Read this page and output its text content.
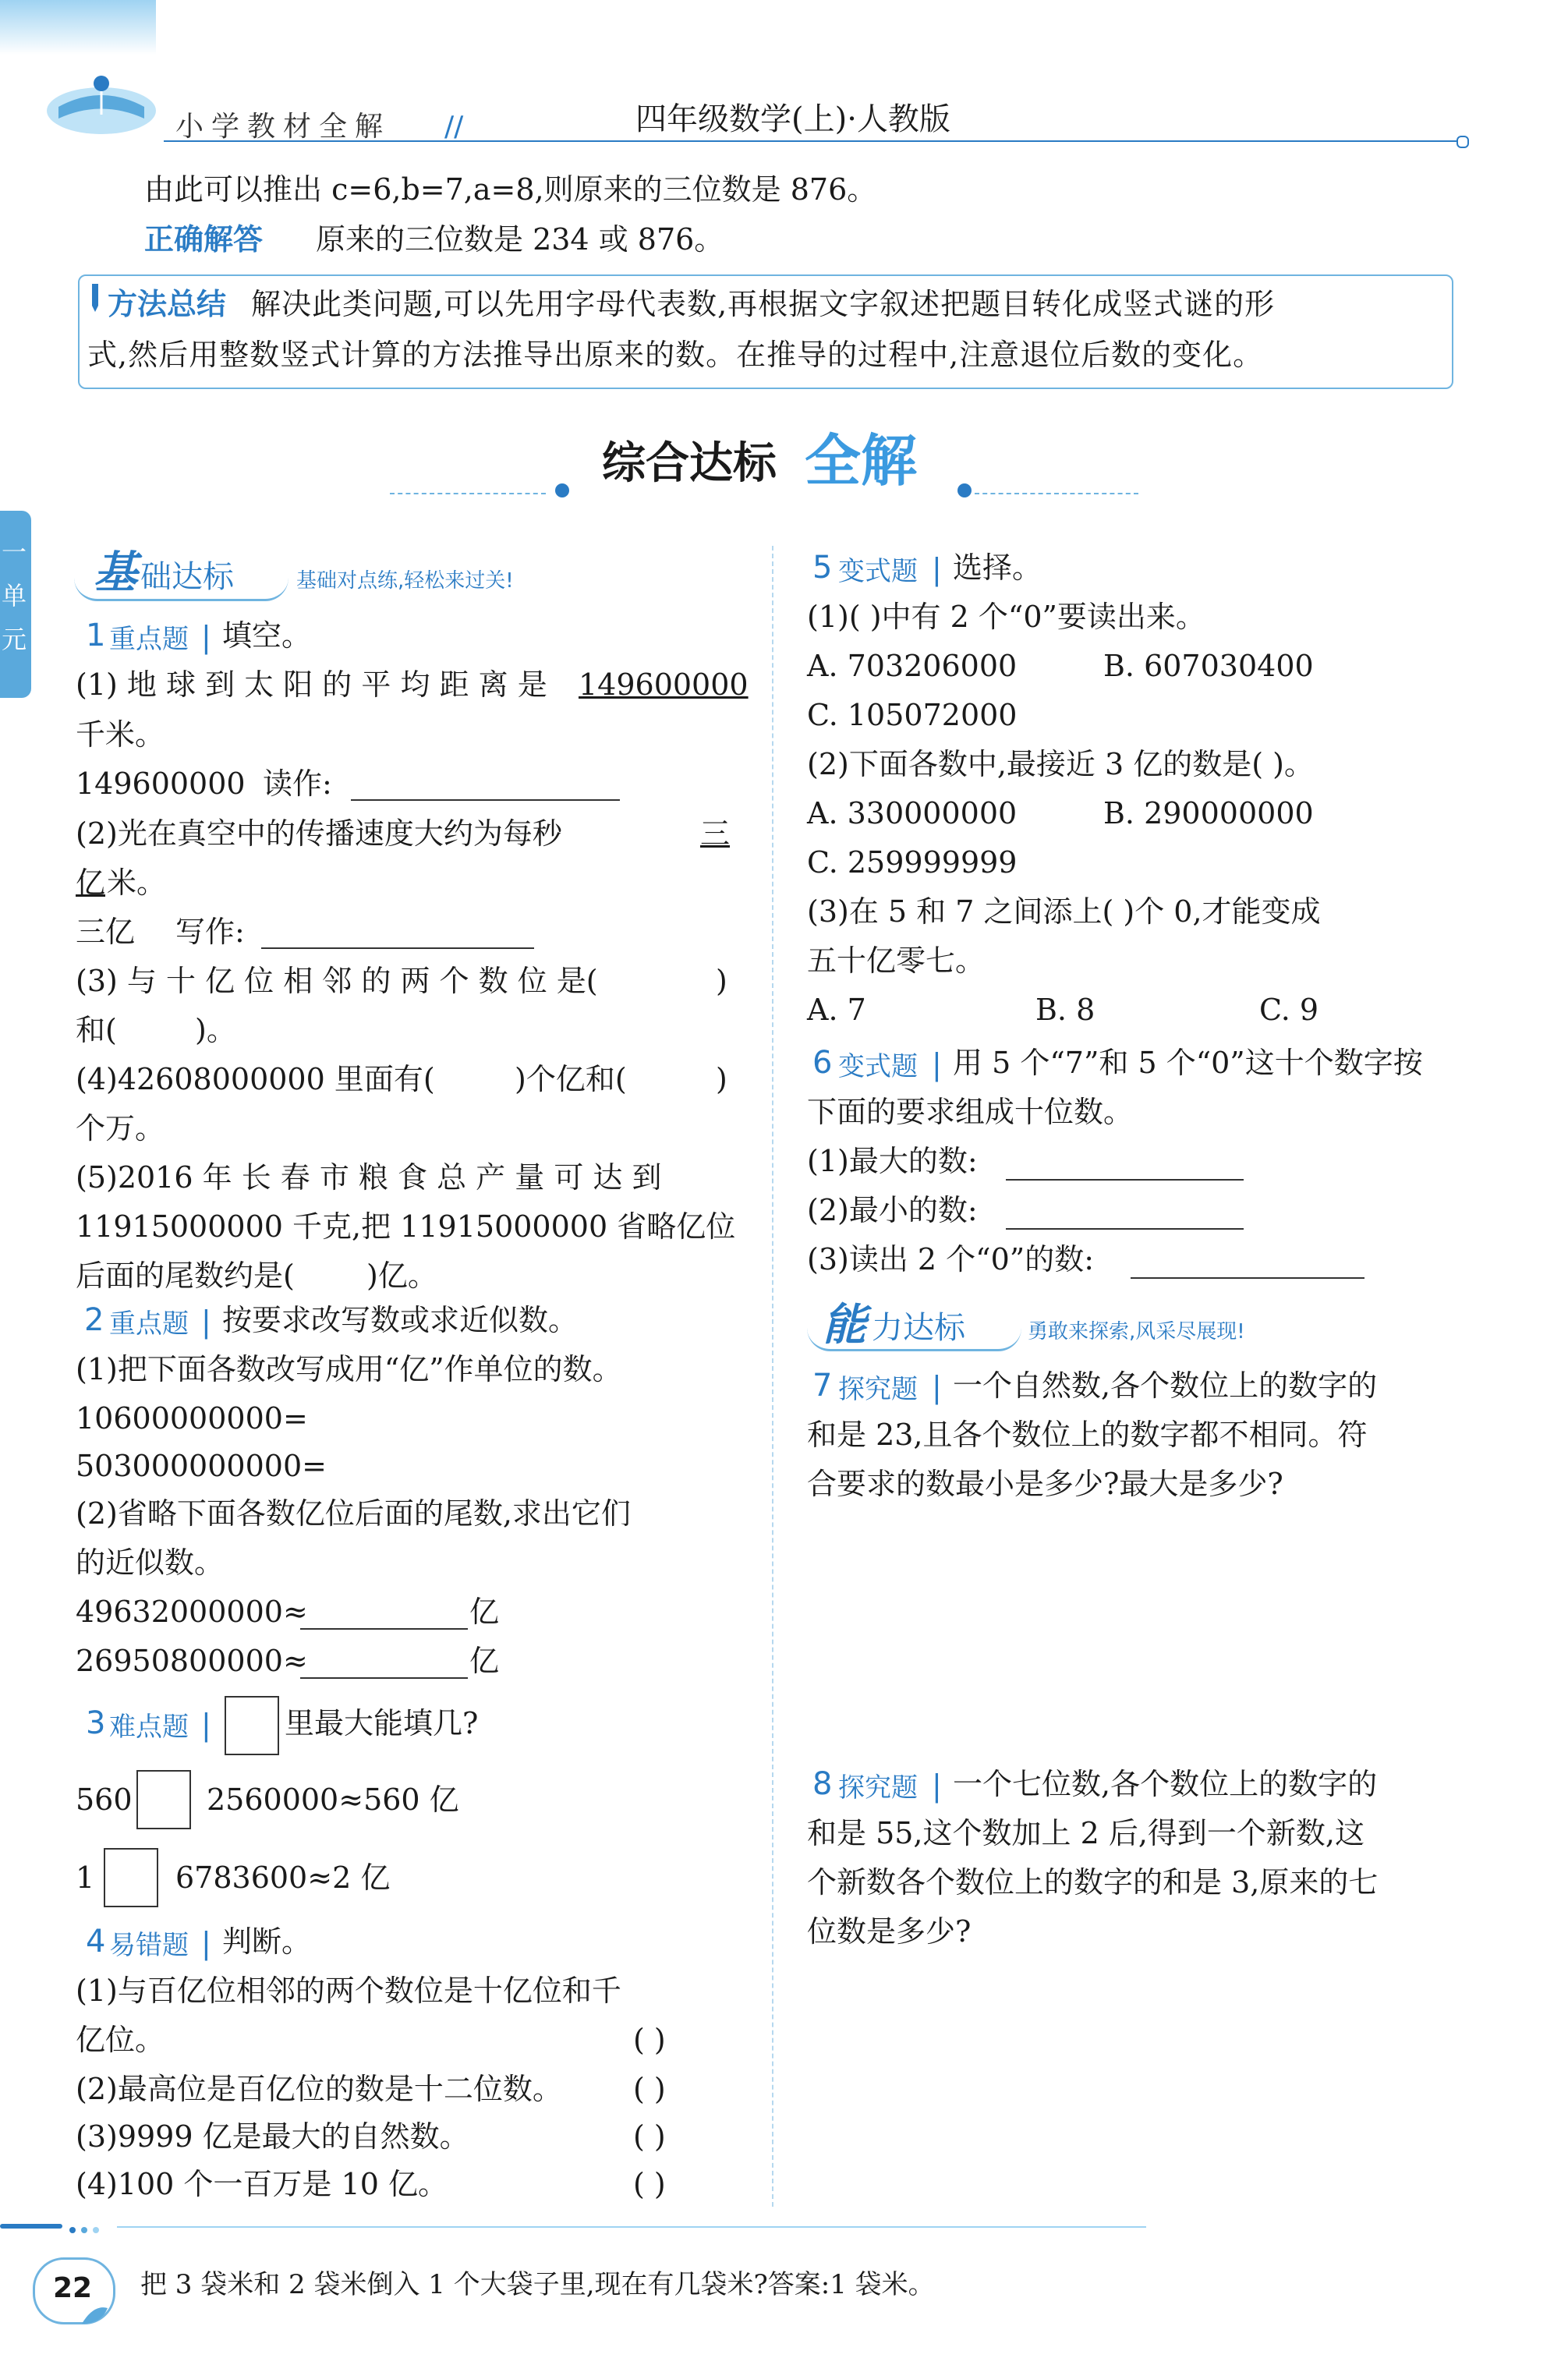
小学教材全解 //	四年级数学(上)·人教版
由此可以推出 c=6,b=7,a=8,则原来的三位数是 876。
正确解答 原来的三位数是 234 或 876。
方法总结 解决此类问题,可以先用字母代表数,再根据文字叙述把题目转化成竖式谜的形
式,然后用整数竖式计算的方法推导出原来的数。在推导的过程中,注意退位后数的变化。
综合达标 全解
一单元
基 础达标	基础对点练,轻松来过关!
1 重点题 | 填空。
(1) 地 球 到 太 阳 的 平 均 距 离 是 149600000
千米。
149600000 读作:
(2)光在真空中的传播速度大约为每秒	三
亿 米。
三亿 写作:
(3) 与 十 亿 位 相 邻 的 两 个 数 位 是(	)
和(	)。
(4)42608000000 里面有(	)个亿和(	)
个万。
(5)2016 年 长 春 市 粮 食 总 产 量 可 达 到
11915000000 千克,把 11915000000 省略亿位
后面的尾数约是( )亿。
2 重点题 | 按要求改写数或求近似数。
(1)把下面各数改写成用“亿”作单位的数。
10600000000=
503000000000=
(2)省略下面各数亿位后面的尾数,求出它们
的近似数。
49632000000≈	亿
26950800000≈	亿
3 难点题 | 里最大能填几?
560	2560000≈560 亿
1	6783600≈2 亿
4 易错题 | 判断。
(1)与百亿位相邻的两个数位是十亿位和千
亿位。	( )
(2)最高位是百亿位的数是十二位数。 ( )
(3)9999 亿是最大的自然数。	( )
(4)100 个一百万是 10 亿。	( )
5 变式题 | 选择。
(1)( )中有 2 个“0”要读出来。
A. 703206000	B. 607030400
C. 105072000
(2)下面各数中,最接近 3 亿的数是( )。
A. 330000000	B. 290000000
C. 259999999
(3)在 5 和 7 之间添上( )个 0,才能变成
五十亿零七。
A. 7	B. 8	C. 9
6 变式题 | 用 5 个“7”和 5 个“0”这十个数字按
下面的要求组成十位数。
(1)最大的数:
(2)最小的数:
(3)读出 2 个“0”的数:
能 力达标	勇敢来探索,风采尽展现!
7 探究题 | 一个自然数,各个数位上的数字的
和是 23,且各个数位上的数字都不相同。符
合要求的数最小是多少?最大是多少?
8 探究题 | 一个七位数,各个数位上的数字的
和是 55,这个数加上 2 后,得到一个新数,这
个新数各个数位上的数字的和是 3,原来的七
位数是多少?
22 把 3 袋米和 2 袋米倒入 1 个大袋子里,现在有几袋米?答案:1 袋米。
